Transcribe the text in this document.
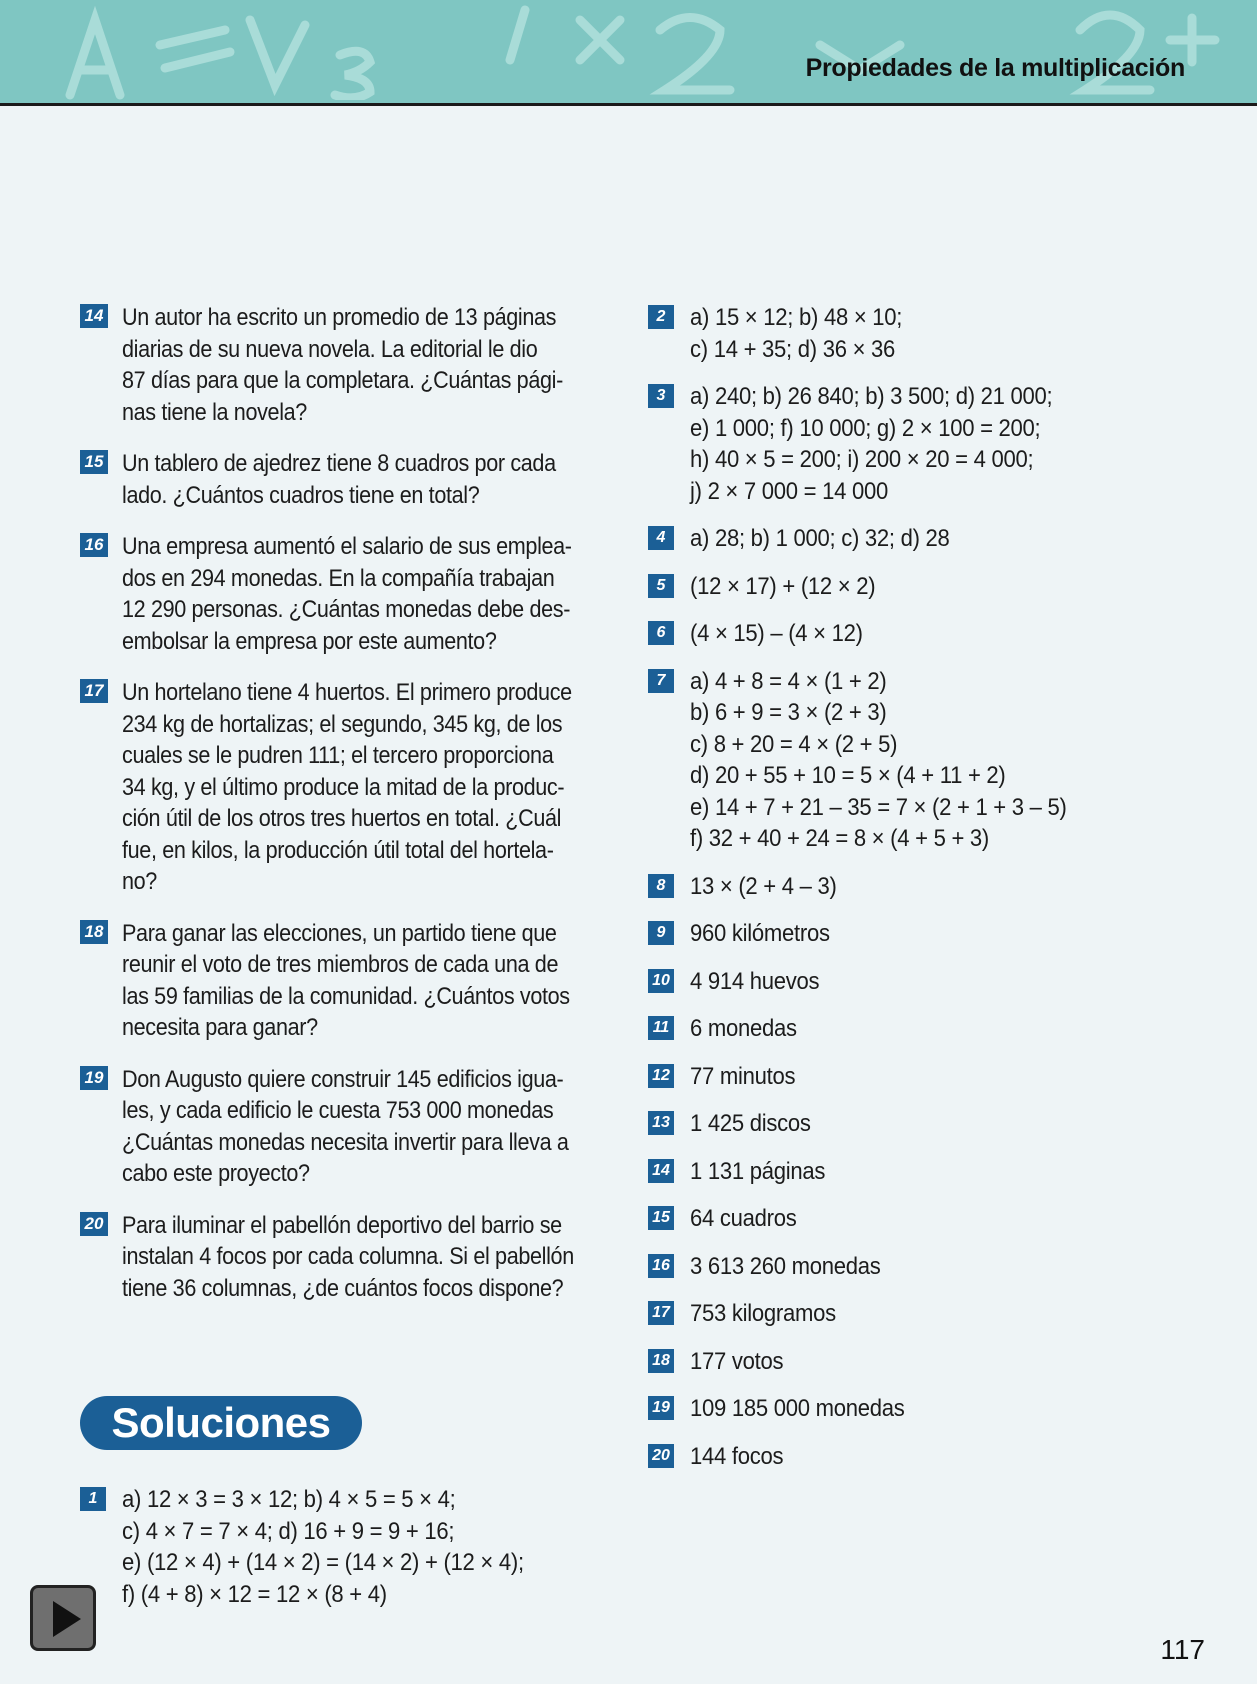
Propiedades de la multiplicación
14 Un autor ha escrito un promedio de 13 páginas
diarias de su nueva novela. La editorial le dio
87 días para que la completara. ¿Cuántas pági-
nas tiene la novela?
15 Un tablero de ajedrez tiene 8 cuadros por cada
lado. ¿Cuántos cuadros tiene en total?
16 Una empresa aumentó el salario de sus emplea-
dos en 294 monedas. En la compañía trabajan
12 290 personas. ¿Cuántas monedas debe des-
embolsar la empresa por este aumento?
17 Un hortelano tiene 4 huertos. El primero produce
234 kg de hortalizas; el segundo, 345 kg, de los
cuales se le pudren 111; el tercero proporciona
34 kg, y el último produce la mitad de la produc-
ción útil de los otros tres huertos en total. ¿Cuál
fue, en kilos, la producción útil total del hortela-
no?
18 Para ganar las elecciones, un partido tiene que
reunir el voto de tres miembros de cada una de
las 59 familias de la comunidad. ¿Cuántos votos
necesita para ganar?
19 Don Augusto quiere construir 145 edificios igua-
les, y cada edificio le cuesta 753 000 monedas
¿Cuántas monedas necesita invertir para lleva a
cabo este proyecto?
20 Para iluminar el pabellón deportivo del barrio se
instalan 4 focos por cada columna. Si el pabellón
tiene 36 columnas, ¿de cuántos focos dispone?
Soluciones
1	a) 12 × 3 = 3 × 12; b) 4 × 5 = 5 × 4;
c) 4 × 7 = 7 × 4; d) 16 + 9 = 9 + 16;
e) (12 × 4) + (14 × 2) = (14 × 2) + (12 × 4);
f) (4 + 8) × 12 = 12 × (8 + 4)
2	a) 15 × 12; b) 48 × 10;
c) 14 + 35; d) 36 × 36
3	a) 240; b) 26 840; b) 3 500; d) 21 000;
e) 1 000; f) 10 000; g) 2 × 100 = 200;
h) 40 × 5 = 200; i) 200 × 20 = 4 000;
j) 2 × 7 000 = 14 000
4	a) 28; b) 1 000; c) 32; d) 28
5	(12 × 17) + (12 × 2)
6	(4 × 15) – (4 × 12)
7	a) 4 + 8 = 4 × (1 + 2)
b) 6 + 9 = 3 × (2 + 3)
c) 8 + 20 = 4 × (2 + 5)
d) 20 + 55 + 10 = 5 × (4 + 11 + 2)
e) 14 + 7 + 21 – 35 = 7 × (2 + 1 + 3 – 5)
f) 32 + 40 + 24 = 8 × (4 + 5 + 3)
8	13 × (2 + 4 – 3)
9	960 kilómetros
10 4 914 huevos
11 6 monedas
12 77 minutos
13 1 425 discos
14 1 131 páginas
15 64 cuadros
16 3 613 260 monedas
17 753 kilogramos
18 177 votos
19 109 185 000 monedas
20 144 focos
117
